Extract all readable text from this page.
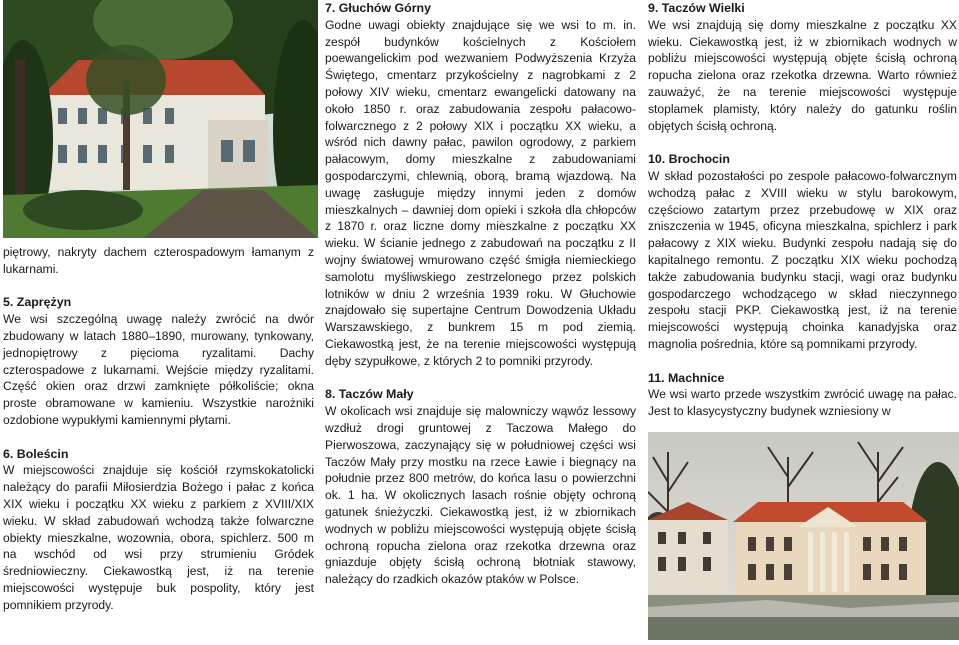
piętrowy, nakryty dachem czterospadowym łamanym z lukarnami.

5. Zaprężyn

We wsi szczególną uwagę należy zwrócić na dwór zbudowany w latach 1880–1890, murowany, tynkowany, jednopiętrowy z pięcioma ryzalitami. Dachy czterospadowe z lukarnami. Wejście między ryzalitami. Część okien oraz drzwi zamknięte półkoliście; okna proste obramowane w kamieniu. Wszystkie narożniki ozdobione wypukłymi kamiennymi płytami.

6. Boleścin

W miejscowości znajduje się kościół rzymskokatolicki należący do parafii Miłosierdzia Bożego i pałac z końca XIX wieku i początku XX wieku z parkiem z XVIII/XIX wieku. W skład zabudowań wchodzą także folwarczne obiekty mieszkalne, wozownia, obora, spichlerz. 500 m na wschód od wsi przy strumieniu Gródek średniowieczny. Ciekawostką jest, iż na terenie miejscowości występuje buk pospolity, który jest pomnikiem przyrody.

7. Głuchów Górny

Godne uwagi obiekty znajdujące się we wsi to m. in. zespół budynków kościelnych z Kościołem poewangelickim pod wezwaniem Podwyższenia Krzyża Świętego, cmentarz przykościelny z nagrobkami z 2 połowy XIV wieku, cmentarz ewangelicki datowany na około 1850 r. oraz zabudowania zespołu pałacowo-folwarcznego z 2 połowy XIX i początku XX wieku, a wśród nich dawny pałac, pawilon ogrodowy, z parkiem pałacowym, domy mieszkalne z zabudowaniami gospodarczymi, chlewnią, oborą, bramą wjazdową. Na uwagę zasługuje między innymi jeden z domów mieszkalnych – dawniej dom opieki i szkoła dla chłopców z 1870 r. oraz liczne domy mieszkalne z początku XX wieku. W ścianie jednego z zabudowań na początku z II wojny światowej wmurowano część śmigła niemieckiego samolotu myśliwskiego zestrzelonego przez polskich lotników w dniu 2 września 1939 roku. W Głuchowie znajdowało się supertajne Centrum Dowodzenia Układu Warszawskiego, z bunkrem 15 m pod ziemią. Ciekawostką jest, że na terenie miejscowości występują dęby szypułkowe, z których 2 to pomniki przyrody.

8. Taczów Mały

W okolicach wsi znajduje się malowniczy wąwóz lessowy wzdłuż drogi gruntowej z Taczowa Małego do Pierwoszowa, zaczynający się w południowej części wsi Taczów Mały przy mostku na rzece Ławie i biegnący na południe przez 800 metrów, do końca lasu o powierzchni ok. 1 ha. W okolicznych lasach rośnie objęty ochroną gatunek śnieżyczki. Ciekawostką jest, iż w zbiornikach wodnych w pobliżu miejscowości występują objęte ścisłą ochroną ropucha zielona oraz rzekotka drzewna oraz gniazduje objęty ścisłą ochroną błotniak stawowy, należący do rzadkich okazów ptaków w Polsce.

9. Taczów Wielki

We wsi znajdują się domy mieszkalne z początku XX wieku. Ciekawostką jest, iż w zbiornikach wodnych w pobliżu miejscowości występują objęte ścisłą ochroną ropucha zielona oraz rzekotka drzewna. Warto również zauważyć, że na terenie miejscowości występuje stoplamek plamisty, który należy do gatunku roślin objętych ścisłą ochroną.

10. Brochocin

W skład pozostałości po zespole pałacowo-folwarcznym wchodzą pałac z XVIII wieku w stylu barokowym, częściowo zatartym przez przebudowę w XIX oraz zniszczenia w 1945, oficyna mieszkalna, spichlerz i park pałacowy z XIX wieku. Budynki zespołu nadają się do kapitalnego remontu. Z początku XIX wieku pochodzą także zabudowania budynku stacji, wagi oraz budynku gospodarczego wchodzącego w skład nieczynnego zespołu stacji PKP. Ciekawostką jest, iż na terenie miejscowości występują choinka kanadyjska oraz magnolia pośrednia, które są pomnikami przyrody.

11. Machnice

We wsi warto przede wszystkim zwrócić uwagę na pałac. Jest to klasycystyczny budynek wzniesiony w
